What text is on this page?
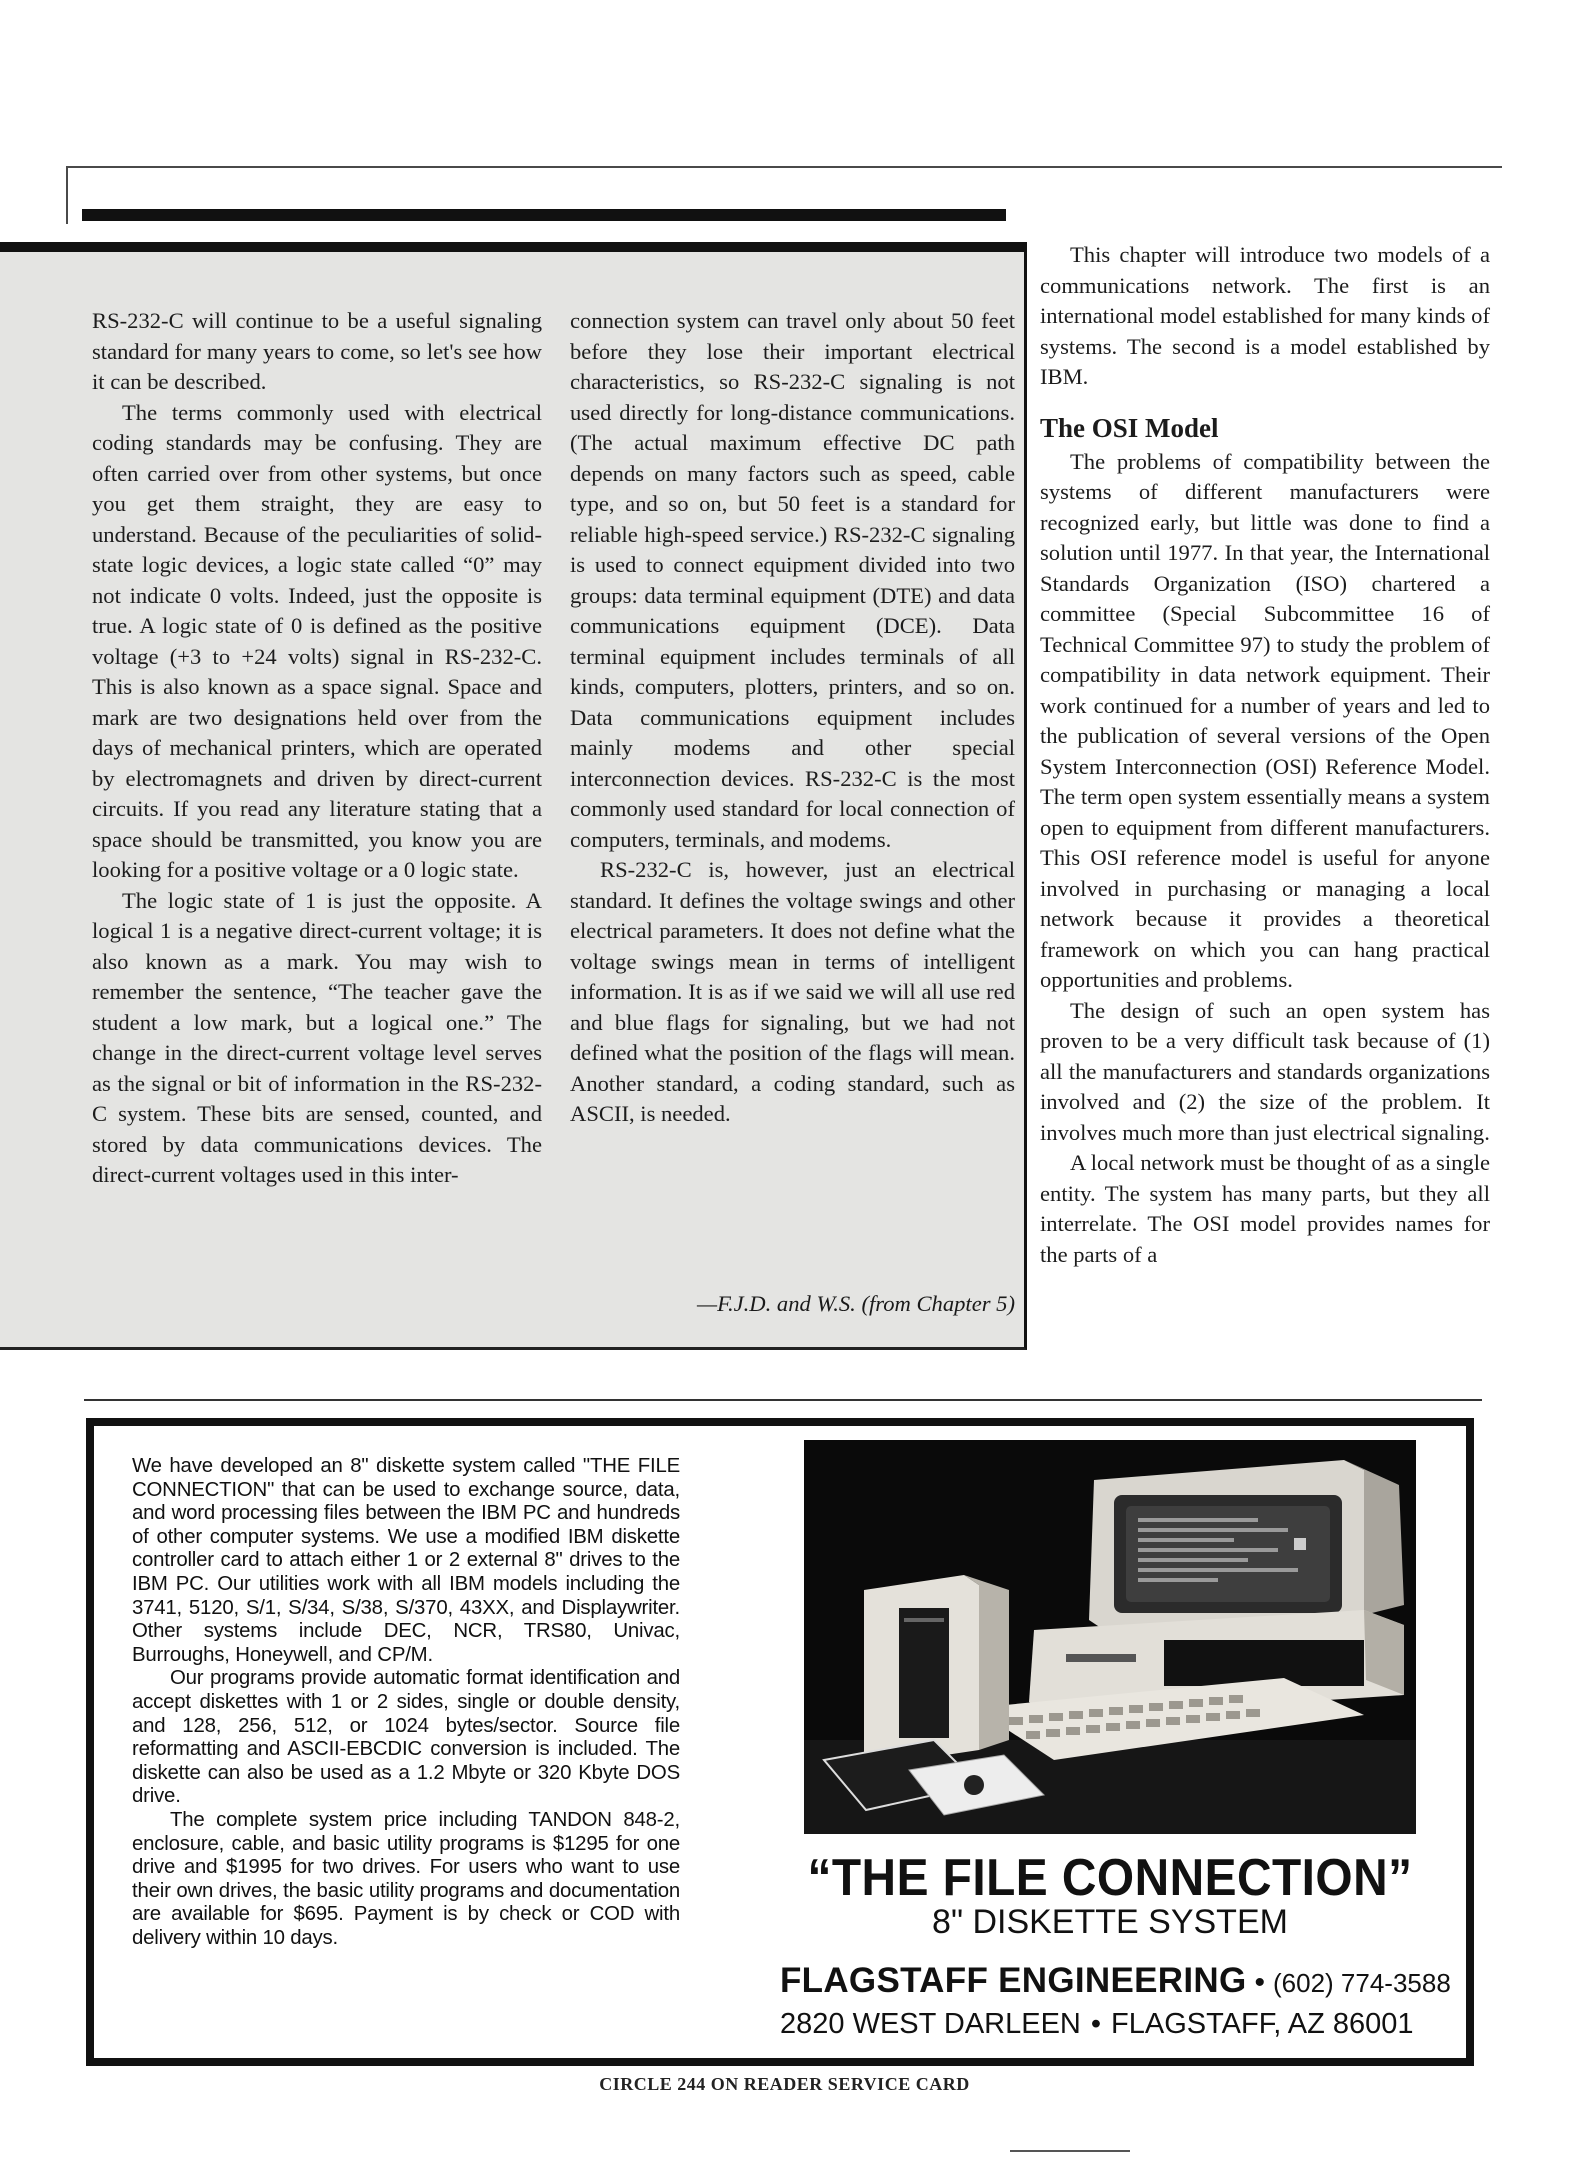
RS-232-C will continue to be a useful signaling standard for many years to come, so let's see how it can be described.

The terms commonly used with electrical coding standards may be confusing. They are often carried over from other systems, but once you get them straight, they are easy to understand. Because of the peculiarities of solid-state logic devices, a logic state called “0” may not indicate 0 volts. Indeed, just the opposite is true. A logic state of 0 is defined as the positive voltage (+3 to +24 volts) signal in RS-232-C. This is also known as a space signal. Space and mark are two designations held over from the days of mechanical printers, which are operated by electromagnets and driven by direct-current circuits. If you read any literature stating that a space should be transmitted, you know you are looking for a positive voltage or a 0 logic state.

The logic state of 1 is just the opposite. A logical 1 is a negative direct-current voltage; it is also known as a mark. You may wish to remember the sentence, “The teacher gave the student a low mark, but a logical one.” The change in the direct-current voltage level serves as the signal or bit of information in the RS-232-C system. These bits are sensed, counted, and stored by data communications devices. The direct-current voltages used in this inter-

connection system can travel only about 50 feet before they lose their important electrical characteristics, so RS-232-C signaling is not used directly for long-distance communications. (The actual maximum effective DC path depends on many factors such as speed, cable type, and so on, but 50 feet is a standard for reliable high-speed service.) RS-232-C signaling is used to connect equipment divided into two groups: data terminal equipment (DTE) and data communications equipment (DCE). Data terminal equipment includes terminals of all kinds, computers, plotters, printers, and so on. Data communications equipment includes mainly modems and other special interconnection devices. RS-232-C is the most commonly used standard for local connection of computers, terminals, and modems.

RS-232-C is, however, just an electrical standard. It defines the voltage swings and other electrical parameters. It does not define what the voltage swings mean in terms of intelligent information. It is as if we said we will all use red and blue flags for signaling, but we had not defined what the position of the flags will mean. Another standard, a coding standard, such as ASCII, is needed.

—F.J.D. and W.S. (from Chapter 5)

This chapter will introduce two models of a communications network. The first is an international model established for many kinds of systems. The second is a model established by IBM.

The OSI Model

The problems of compatibility between the systems of different manufacturers were recognized early, but little was done to find a solution until 1977. In that year, the International Standards Organization (ISO) chartered a committee (Special Subcommittee 16 of Technical Committee 97) to study the problem of compatibility in data network equipment. Their work continued for a number of years and led to the publication of several versions of the Open System Interconnection (OSI) Reference Model. The term open system essentially means a system open to equipment from different manufacturers. This OSI reference model is useful for anyone involved in purchasing or managing a local network because it provides a theoretical framework on which you can hang practical opportunities and problems.

The design of such an open system has proven to be a very difficult task because of (1) all the manufacturers and standards organizations involved and (2) the size of the problem. It involves much more than just electrical signaling.

A local network must be thought of as a single entity. The system has many parts, but they all interrelate. The OSI model provides names for the parts of a

We have developed an 8" diskette system called "THE FILE CONNECTION" that can be used to exchange source, data, and word processing files between the IBM PC and hundreds of other computer systems. We use a modified IBM diskette controller card to attach either 1 or 2 external 8" drives to the IBM PC. Our utilities work with all IBM models including the 3741, 5120, S/1, S/34, S/38, S/370, 43XX, and Displaywriter. Other systems include DEC, NCR, TRS80, Univac, Burroughs, Honeywell, and CP/M.

Our programs provide automatic format identification and accept diskettes with 1 or 2 sides, single or double density, and 128, 256, 512, or 1024 bytes/sector. Source file reformatting and ASCII-EBCDIC conversion is included. The diskette can also be used as a 1.2 Mbyte or 320 Kbyte DOS drive.

The complete system price including TANDON 848-2, enclosure, cable, and basic utility programs is $1295 for one drive and $1995 for two drives. For users who want to use their own drives, the basic utility programs and documentation are available for $695. Payment is by check or COD with delivery within 10 days.

“THE FILE CONNECTION”
8" DISKETTE SYSTEM
FLAGSTAFF ENGINEERING • (602) 774-3588
2820 WEST DARLEEN • FLAGSTAFF, AZ 86001
CIRCLE 244 ON READER SERVICE CARD
